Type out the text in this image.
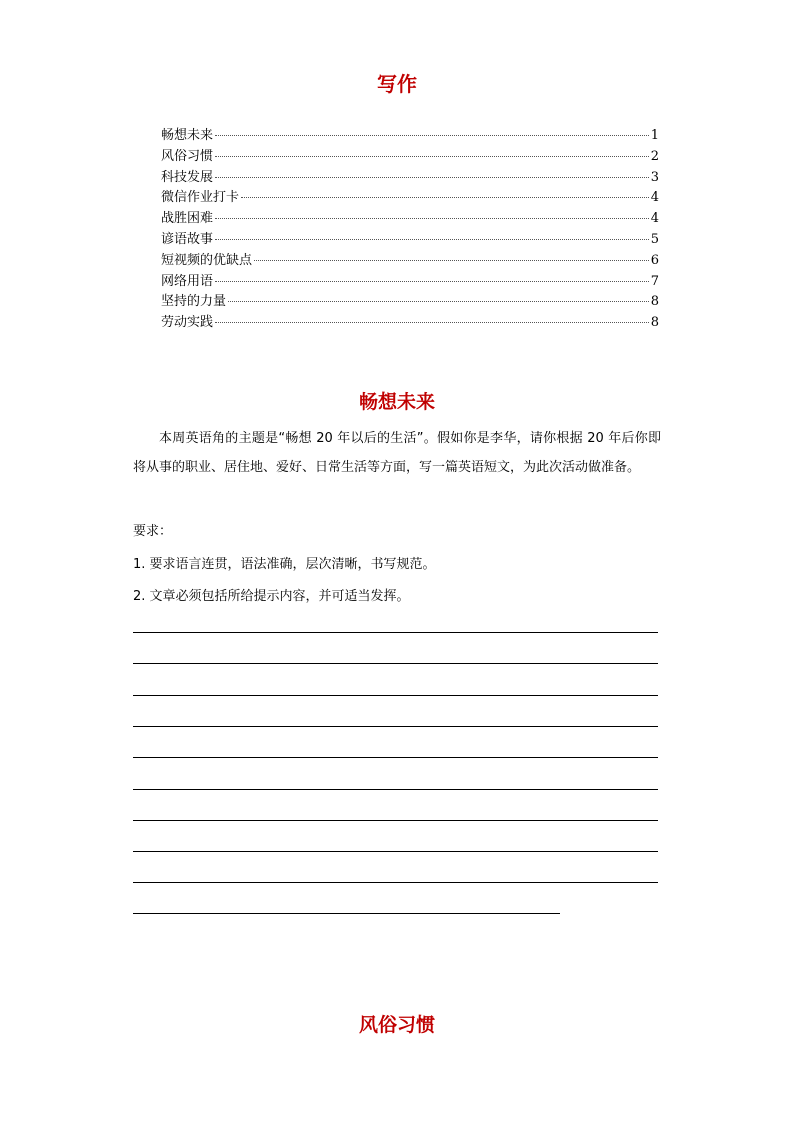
写作
畅想未来	1
风俗习惯	2
科技发展	3
微信作业打卡	4
战胜困难	4
谚语故事	5
短视频的优缺点	6
网络用语	7
坚持的力量	8
劳动实践	8
畅想未来

本周英语角的主题是“畅想 20 年以后的生活”。假如你是李华，请你根据 20 年后你即将从事的职业、居住地、爱好、日常生活等方面，写一篇英语短文，为此次活动做准备。

要求：

1. 要求语言连贯，语法准确，层次清晰，书写规范。

2. 文章必须包括所给提示内容，并可适当发挥。

风俗习惯
